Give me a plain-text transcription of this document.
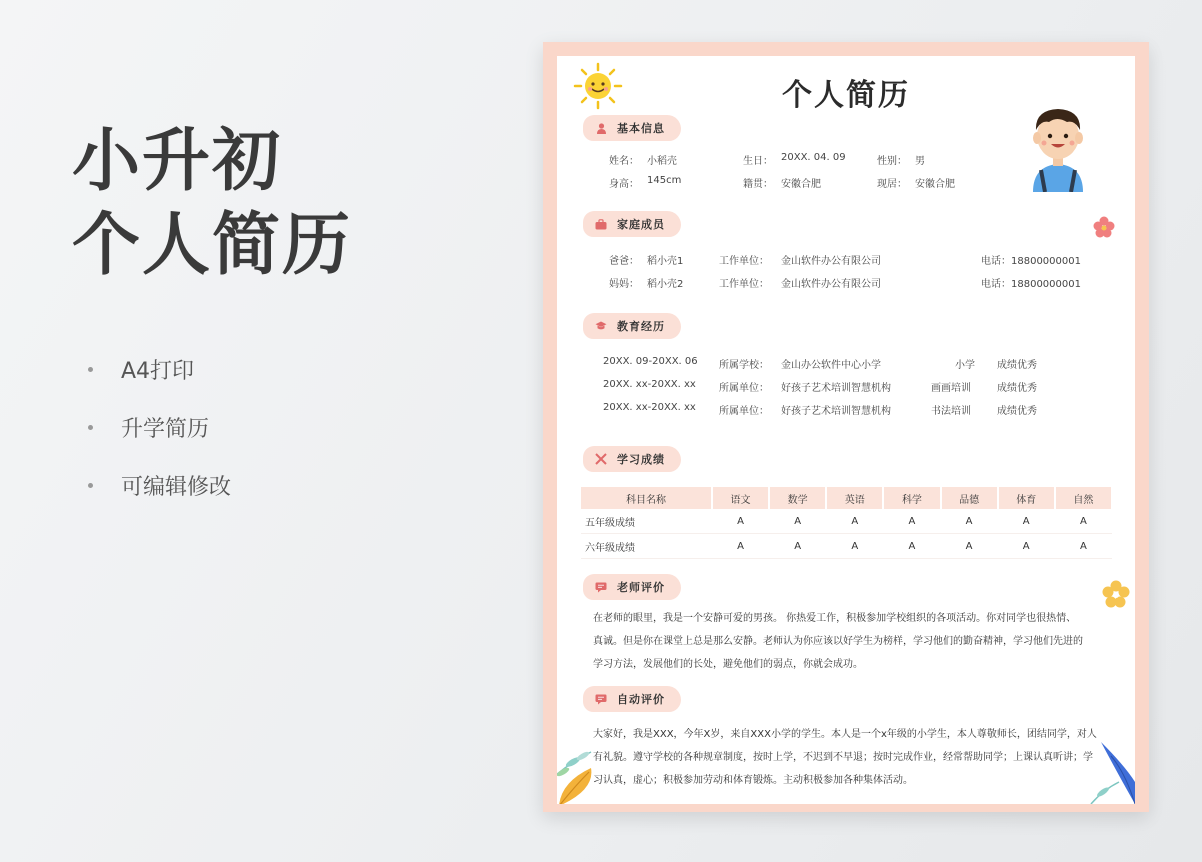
小升初
个人简历
A4打印
升学简历
可编辑修改
个人简历
基本信息
姓名： 小稻壳	生日： 20XX. 04. 09	性别： 男
身高： 145cm	籍贯： 安徽合肥	现居： 安徽合肥
家庭成员
爸爸： 稻小壳1	工作单位： 金山软件办公有限公司	电话：18800000001
妈妈： 稻小壳2	工作单位： 金山软件办公有限公司	电话：18800000001
教育经历
20XX. 09-20XX. 06 所属学校： 金山办公软件中心小学	小学 成绩优秀
20XX. xx-20XX. xx 所属单位： 好孩子艺术培训智慧机构	画画培训	成绩优秀
20XX. xx-20XX. xx 所属单位： 好孩子艺术培训智慧机构	书法培训	成绩优秀
学习成绩
科目名称	语文	数学	英语	科学	品德	体育	自然
五年级成绩	A	A	A	A	A	A	A
六年级成绩	A	A	A	A	A	A	A
老师评价
在老师的眼里，我是一个安静可爱的男孩。 你热爱工作，积极参加学校组织的各项活动。你对同学也很热情、
真诚。但是你在课堂上总是那么安静。老师认为你应该以好学生为榜样，学习他们的勤奋精神，学习他们先进的
学习方法，发展他们的长处，避免他们的弱点，你就会成功。
自动评价
大家好，我是XXX，今年X岁，来自XXX小学的学生。本人是一个x年级的小学生，本人尊敬师长，团结同学，对人
有礼貌。遵守学校的各种规章制度，按时上学，不迟到不早退；按时完成作业，经常帮助同学；上课认真听讲；学
习认真，虚心；积极参加劳动和体育锻炼。主动积极参加各种集体活动。
